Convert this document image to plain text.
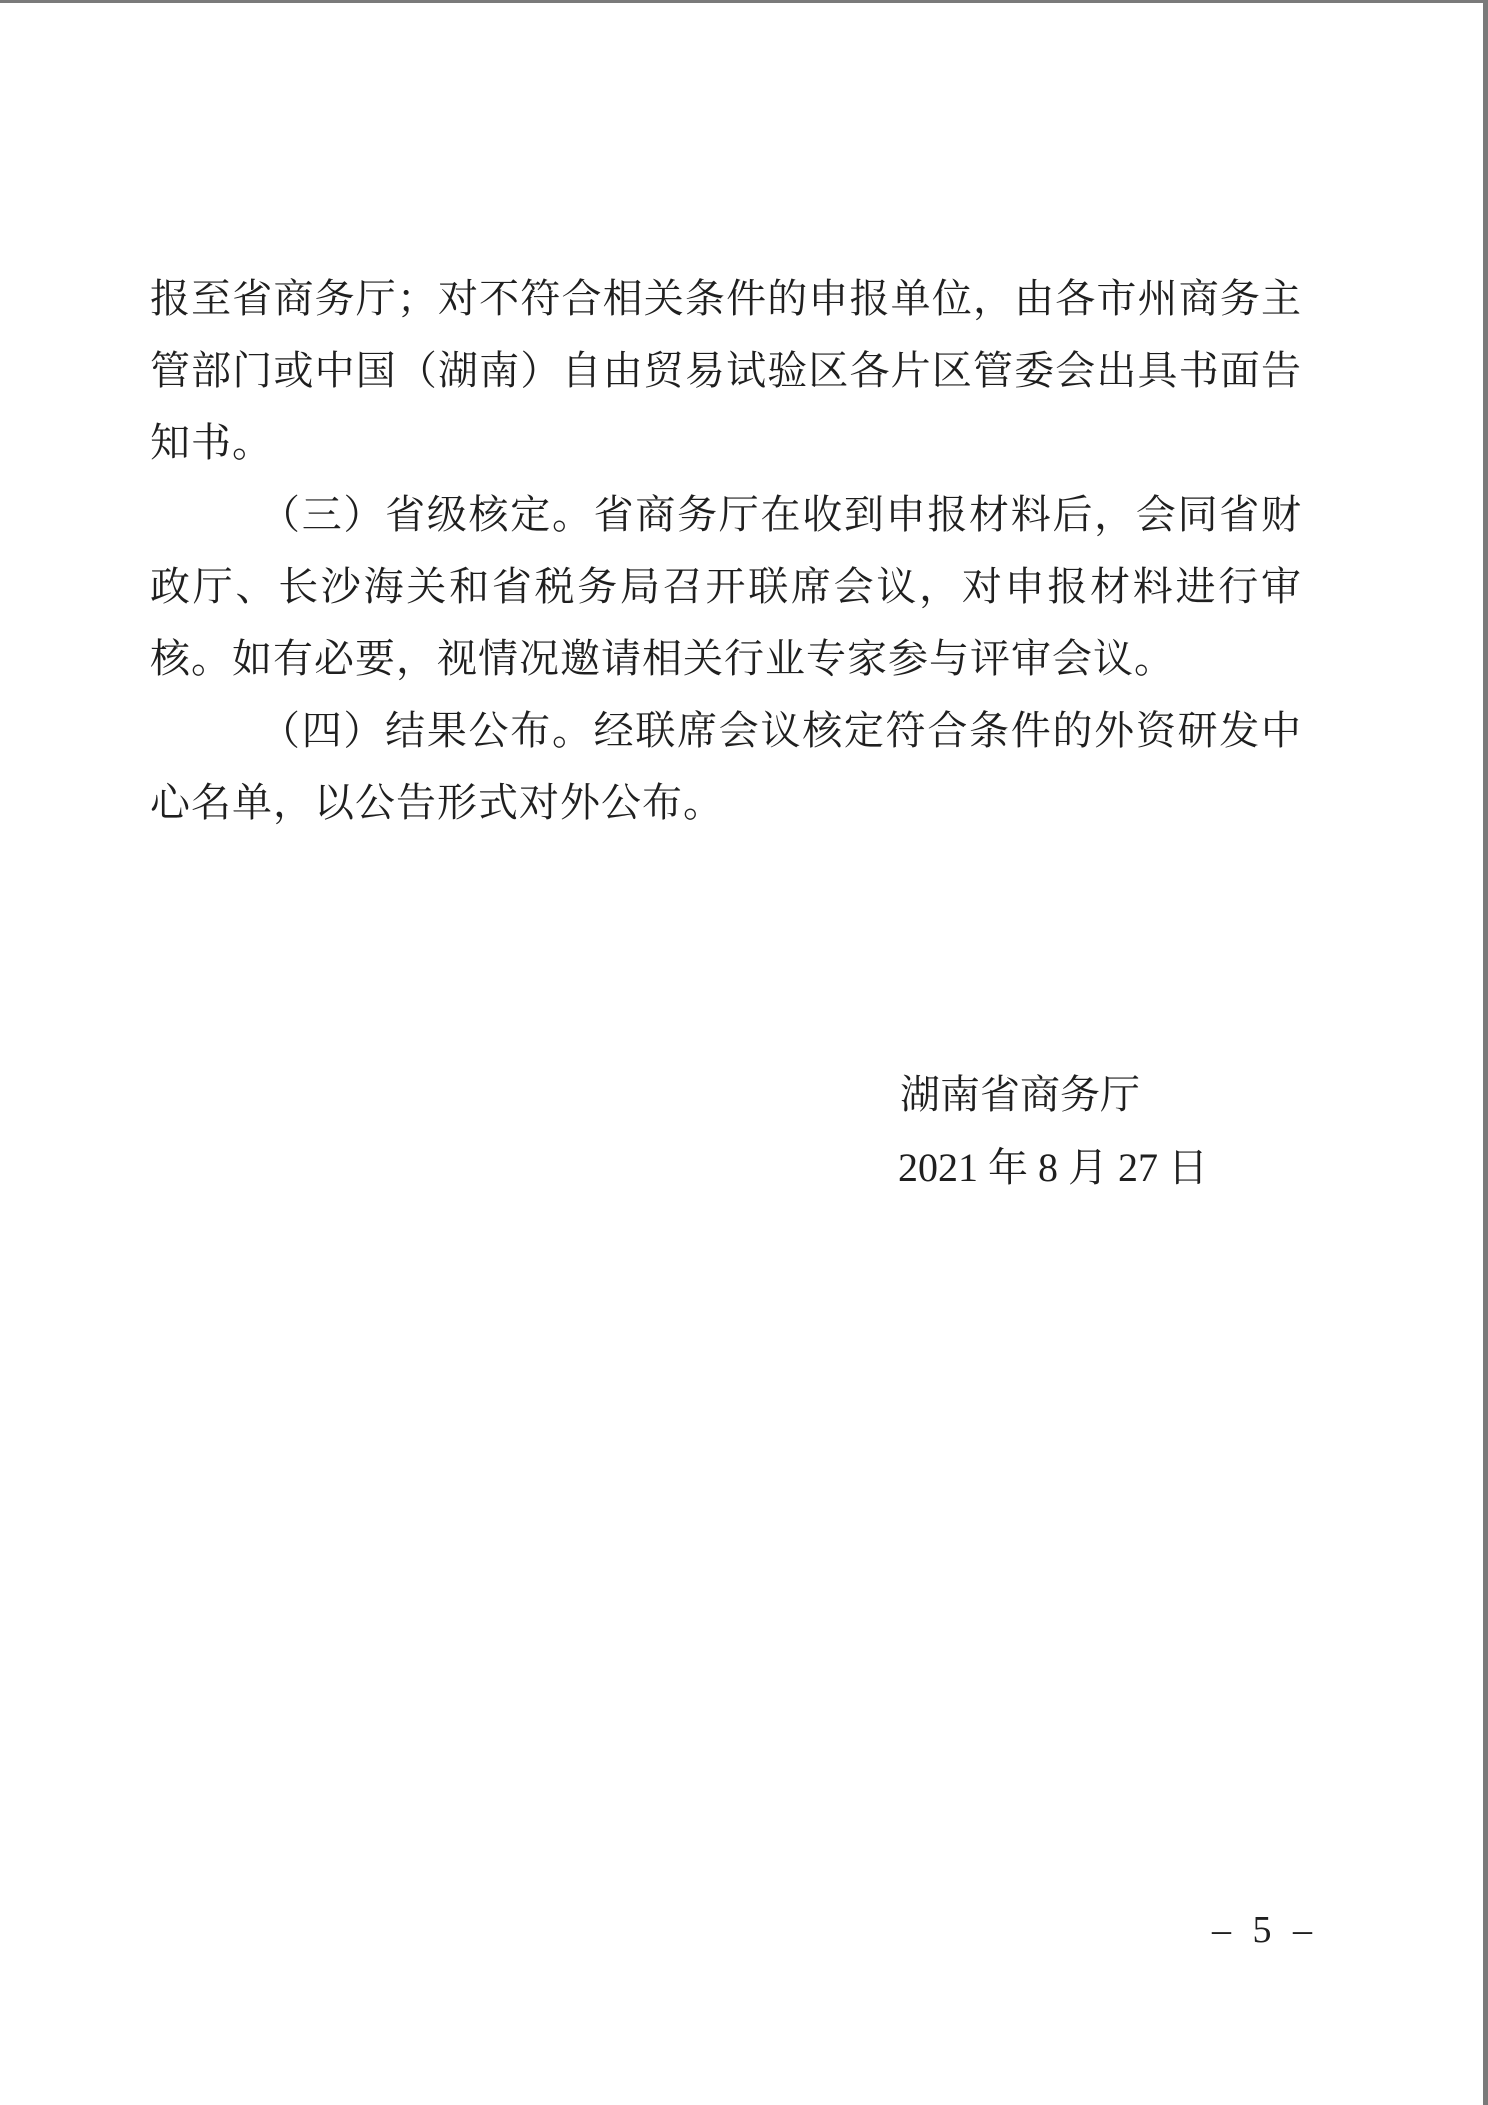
报至省商务厅；对不符合相关条件的申报单位，由各市州商务主管部门或中国（湖南）自由贸易试验区各片区管委会出具书面告知书。

（三）省级核定。省商务厅在收到申报材料后，会同省财政厅、长沙海关和省税务局召开联席会议，对申报材料进行审核。如有必要，视情况邀请相关行业专家参与评审会议。

（四）结果公布。经联席会议核定符合条件的外资研发中心名单，以公告形式对外公布。

湖南省商务厅
2021 年 8 月 27 日
– 5 –
